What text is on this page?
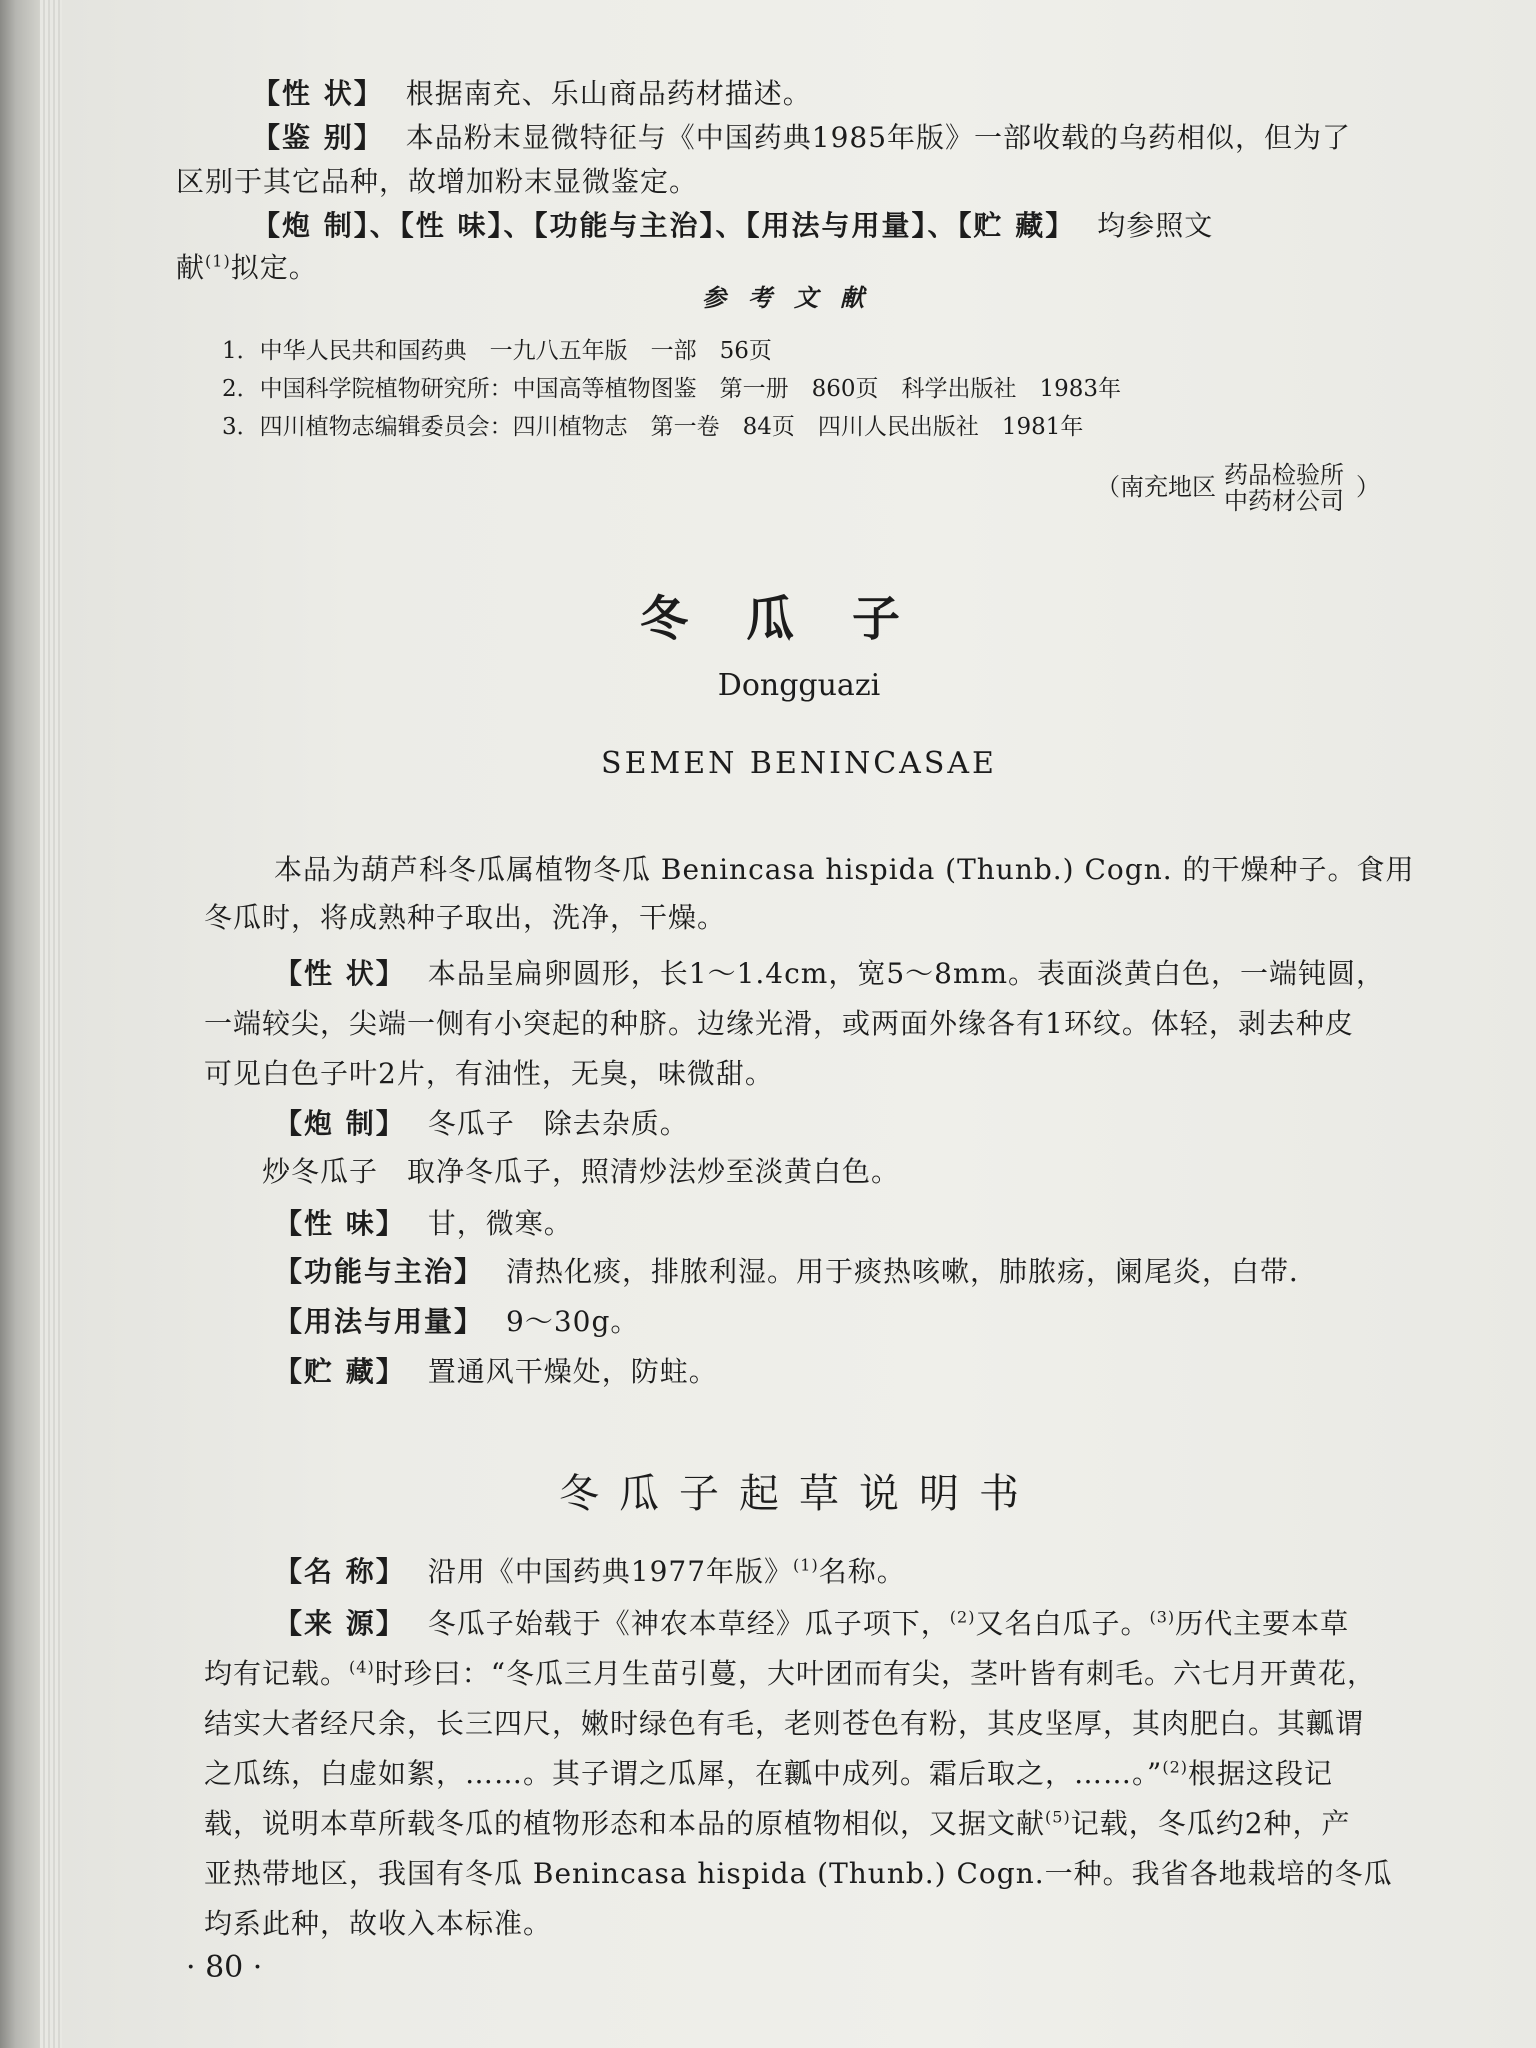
【性 状】 根据南充、乐山商品药材描述。
【鉴 别】 本品粉末显微特征与《中国药典1985年版》一部收载的乌药相似，但为了
区别于其它品种，故增加粉末显微鉴定。
【炮 制】、【性 味】、【功能与主治】、【用法与用量】、【贮 藏】 均参照文
献$^{(1)}$拟定。
参考文献
1．中华人民共和国药典　一九八五年版　一部　56页
2．中国科学院植物研究所：中国高等植物图鉴　第一册　860页　科学出版社　1983年
3．四川植物志编辑委员会：四川植物志　第一卷　84页　四川人民出版社　1981年
（南充地区 药品检验所
中药材公司 ）
冬瓜子
Dongguazi
SEMEN BENINCASAE
本品为葫芦科冬瓜属植物冬瓜 Benincasa hispida (Thunb.) Cogn. 的干燥种子。食用
冬瓜时，将成熟种子取出，洗净，干燥。
【性 状】 本品呈扁卵圆形，长1～1.4cm，宽5～8mm。表面淡黄白色，一端钝圆，
一端较尖，尖端一侧有小突起的种脐。边缘光滑，或两面外缘各有1环纹。体轻，剥去种皮
可见白色子叶2片，有油性，无臭，味微甜。
【炮 制】 冬瓜子　除去杂质。
炒冬瓜子　取净冬瓜子，照清炒法炒至淡黄白色。
【性 味】 甘，微寒。
【功能与主治】 清热化痰，排脓利湿。用于痰热咳嗽，肺脓疡，阑尾炎，白带．
【用法与用量】 9～30g。
【贮 藏】 置通风干燥处，防蛀。
冬瓜子起草说明书
【名 称】 沿用《中国药典1977年版》$^{(1)}$名称。
【来 源】 冬瓜子始载于《神农本草经》瓜子项下，$^{(2)}$又名白瓜子。$^{(3)}$历代主要本草
均有记载。$^{(4)}$时珍曰：“冬瓜三月生苗引蔓，大叶团而有尖，茎叶皆有刺毛。六七月开黄花，
结实大者经尺余，长三四尺，嫩时绿色有毛，老则苍色有粉，其皮坚厚，其肉肥白。其瓤谓
之瓜练，白虚如絮，……。其子谓之瓜犀，在瓤中成列。霜后取之，……。”$^{(2)}$根据这段记
载，说明本草所载冬瓜的植物形态和本品的原植物相似，又据文献$^{(5)}$记载，冬瓜约2种，产
亚热带地区，我国有冬瓜 Benincasa hispida (Thunb.) Cogn.一种。我省各地栽培的冬瓜
均系此种，故收入本标准。
· 80 ·
